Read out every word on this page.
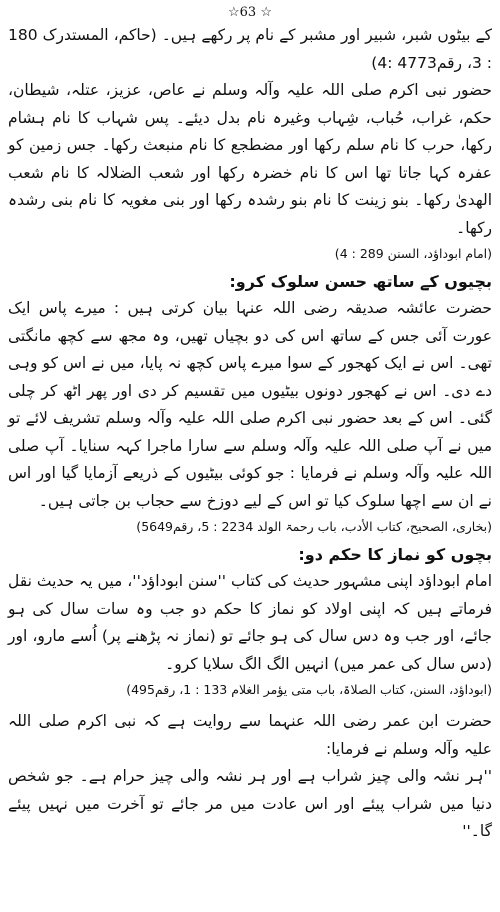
☆63 ☆

کے بیٹوں شبر، شبیر اور مشبر کے نام پر رکھے ہیں۔ (حاکم، المستدرک 180 : 3، رقم4773 :4)

حضور نبی اکرم صلی اللہ علیہ وآلہ وسلم نے عاص، عزیز، عتلہ، شیطان، حکم، غراب، حُباب، شِہاب وغیرہ نام بدل دیئے۔ پس شہاب کا نام ہشام رکھا، حرب کا نام سلم رکھا اور مضطجع کا نام منبعث رکھا۔ جس زمین کو عفرہ کہا جاتا تھا اس کا نام خضرہ رکھا اور شعب الضلالہ کا نام شعب الھدیٰ رکھا۔ بنو زینت کا نام بنو رشدہ رکھا اور بنی مغویہ کا نام بنی رشدہ رکھا۔

(امام ابوداؤد، السنن 289 : 4)
بچیوں کے ساتھ حسن سلوک کرو:

حضرت عائشہ صدیقہ رضی اللہ عنہا بیان کرتی ہیں : میرے پاس ایک عورت آئی جس کے ساتھ اس کی دو بچیاں تھیں، وہ مجھ سے کچھ مانگتی تھی۔ اس نے ایک کھجور کے سوا میرے پاس کچھ نہ پایا، میں نے اس کو وہی دے دی۔ اس نے کھجور دونوں بیٹیوں میں تقسیم کر دی اور پھر اٹھ کر چلی گئی۔ اس کے بعد حضور نبی اکرم صلی اللہ علیہ وآلہ وسلم تشریف لائے تو میں نے آپ صلی اللہ علیہ وآلہ وسلم سے سارا ماجرا کہہ سنایا۔ آپ صلی اللہ علیہ وآلہ وسلم نے فرمایا : جو کوئی بیٹیوں کے ذریعے آزمایا گیا اور اس نے ان سے اچھا سلوک کیا تو اس کے لیے دوزخ سے حجاب بن جاتی ہیں۔

(بخاری، الصحیح، کتاب الأدب، باب رحمۃ الولد 2234 : 5، رقم5649)
بچوں کو نماز کا حکم دو:

امام ابوداؤد اپنی مشہور حدیث کی کتاب ''سنن ابوداؤد''، میں یہ حدیث نقل فرماتے ہیں کہ اپنی اولاد کو نماز کا حکم دو جب وہ سات سال کی ہو جائے، اور جب وہ دس سال کی ہو جائے تو (نماز نہ پڑھنے پر) اُسے مارو، اور (دس سال کی عمر میں) انہیں الگ الگ سلایا کرو۔

(ابوداؤد، السنن، کتاب الصلاۃ، باب متی یؤمر الغلام 133 : 1، رقم495)

حضرت ابن عمر رضی اللہ عنہما سے روایت ہے کہ نبی اکرم صلی اللہ علیہ وآلہ وسلم نے فرمایا:

''ہر نشہ والی چیز شراب ہے اور ہر نشہ والی چیز حرام ہے۔ جو شخص دنیا میں شراب پیئے اور اس عادت میں مر جائے تو آخرت میں نہیں پیئے گا۔''
